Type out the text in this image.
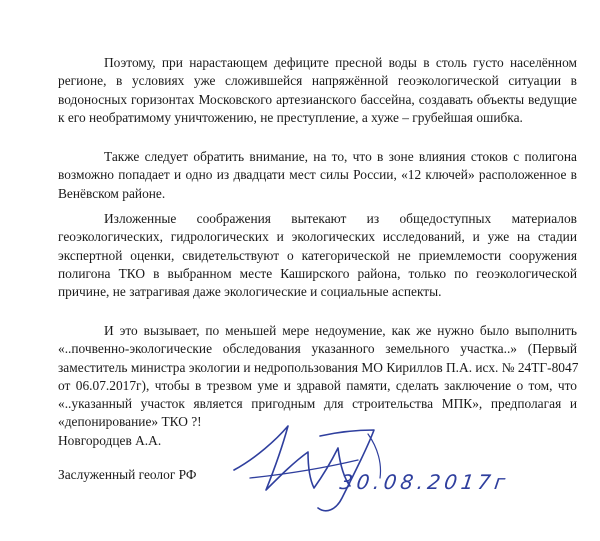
Поэтому, при нарастающем дефиците пресной воды в столь густо населённом
регионе, в условиях уже сложившейся напряжённой геоэкологической ситуации в
водоносных горизонтах Московского артезианского бассейна, создавать объекты ведущие
к его необратимому уничтожению, не преступление, а хуже – грубейшая ошибка.

Также следует обратить внимание, на то, что в зоне влияния стоков с полигона
возможно попадает и одно из двадцати мест силы России, «12 ключей» расположенное в
Венёвском районе.

Изложенные соображения вытекают из общедоступных материалов
геоэкологических, гидрологических и экологических исследований, и уже на стадии
экспертной оценки, свидетельствуют о категорической не приемлемости сооружения
полигона ТКО в выбранном месте Каширского района, только по геоэкологической
причине, не затрагивая даже экологические и социальные аспекты.

И это вызывает, по меньшей мере недоумение, как же нужно было выполнить
«..почвенно-экологические обследования указанного земельного участка..» (Первый
заместитель министра экологии и недропользования МО Кириллов П.А. исх. № 24ТГ-8047
от 06.07.2017г), чтобы в трезвом уме и здравой памяти, сделать заключение о том, что
«..указанный участок является пригодным для строительства МПК», предполагая и
«депонирование» ТКО ?!

Новгородцев А.А.
Заслуженный геолог РФ	30.08.2017г
